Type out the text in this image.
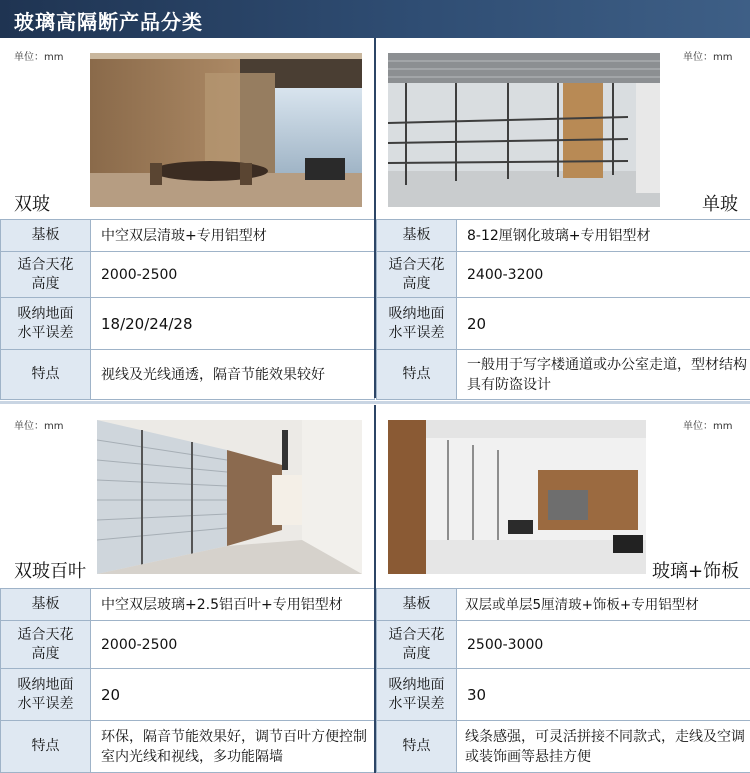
玻璃高隔断产品分类
单位：mm
双玻
基板	中空双层清玻+专用铝型材

适合天花高度	2000-2500

吸纳地面水平误差	18/20/24/28
特点	视线及光线通透，隔音节能效果较好
单位：mm
单玻
基板	8-12厘钢化玻璃+专用铝型材

适合天花高度	2400-3200

吸纳地面水平误差	20
特点	一般用于写字楼通道或办公室走道，型材结构具有防盗设计
单位：mm
双玻百叶
基板	中空双层玻璃+2.5铝百叶+专用铝型材

适合天花高度	2000-2500

吸纳地面水平误差	20
特点	环保，隔音节能效果好，调节百叶方便控制室内光线和视线，多功能隔墙
单位：mm
玻璃+饰板
基板	双层或单层5厘清玻+饰板+专用铝型材

适合天花高度	2500-3000

吸纳地面水平误差	30
特点	线条感强，可灵活拼接不同款式，走线及空调或装饰画等悬挂方便
